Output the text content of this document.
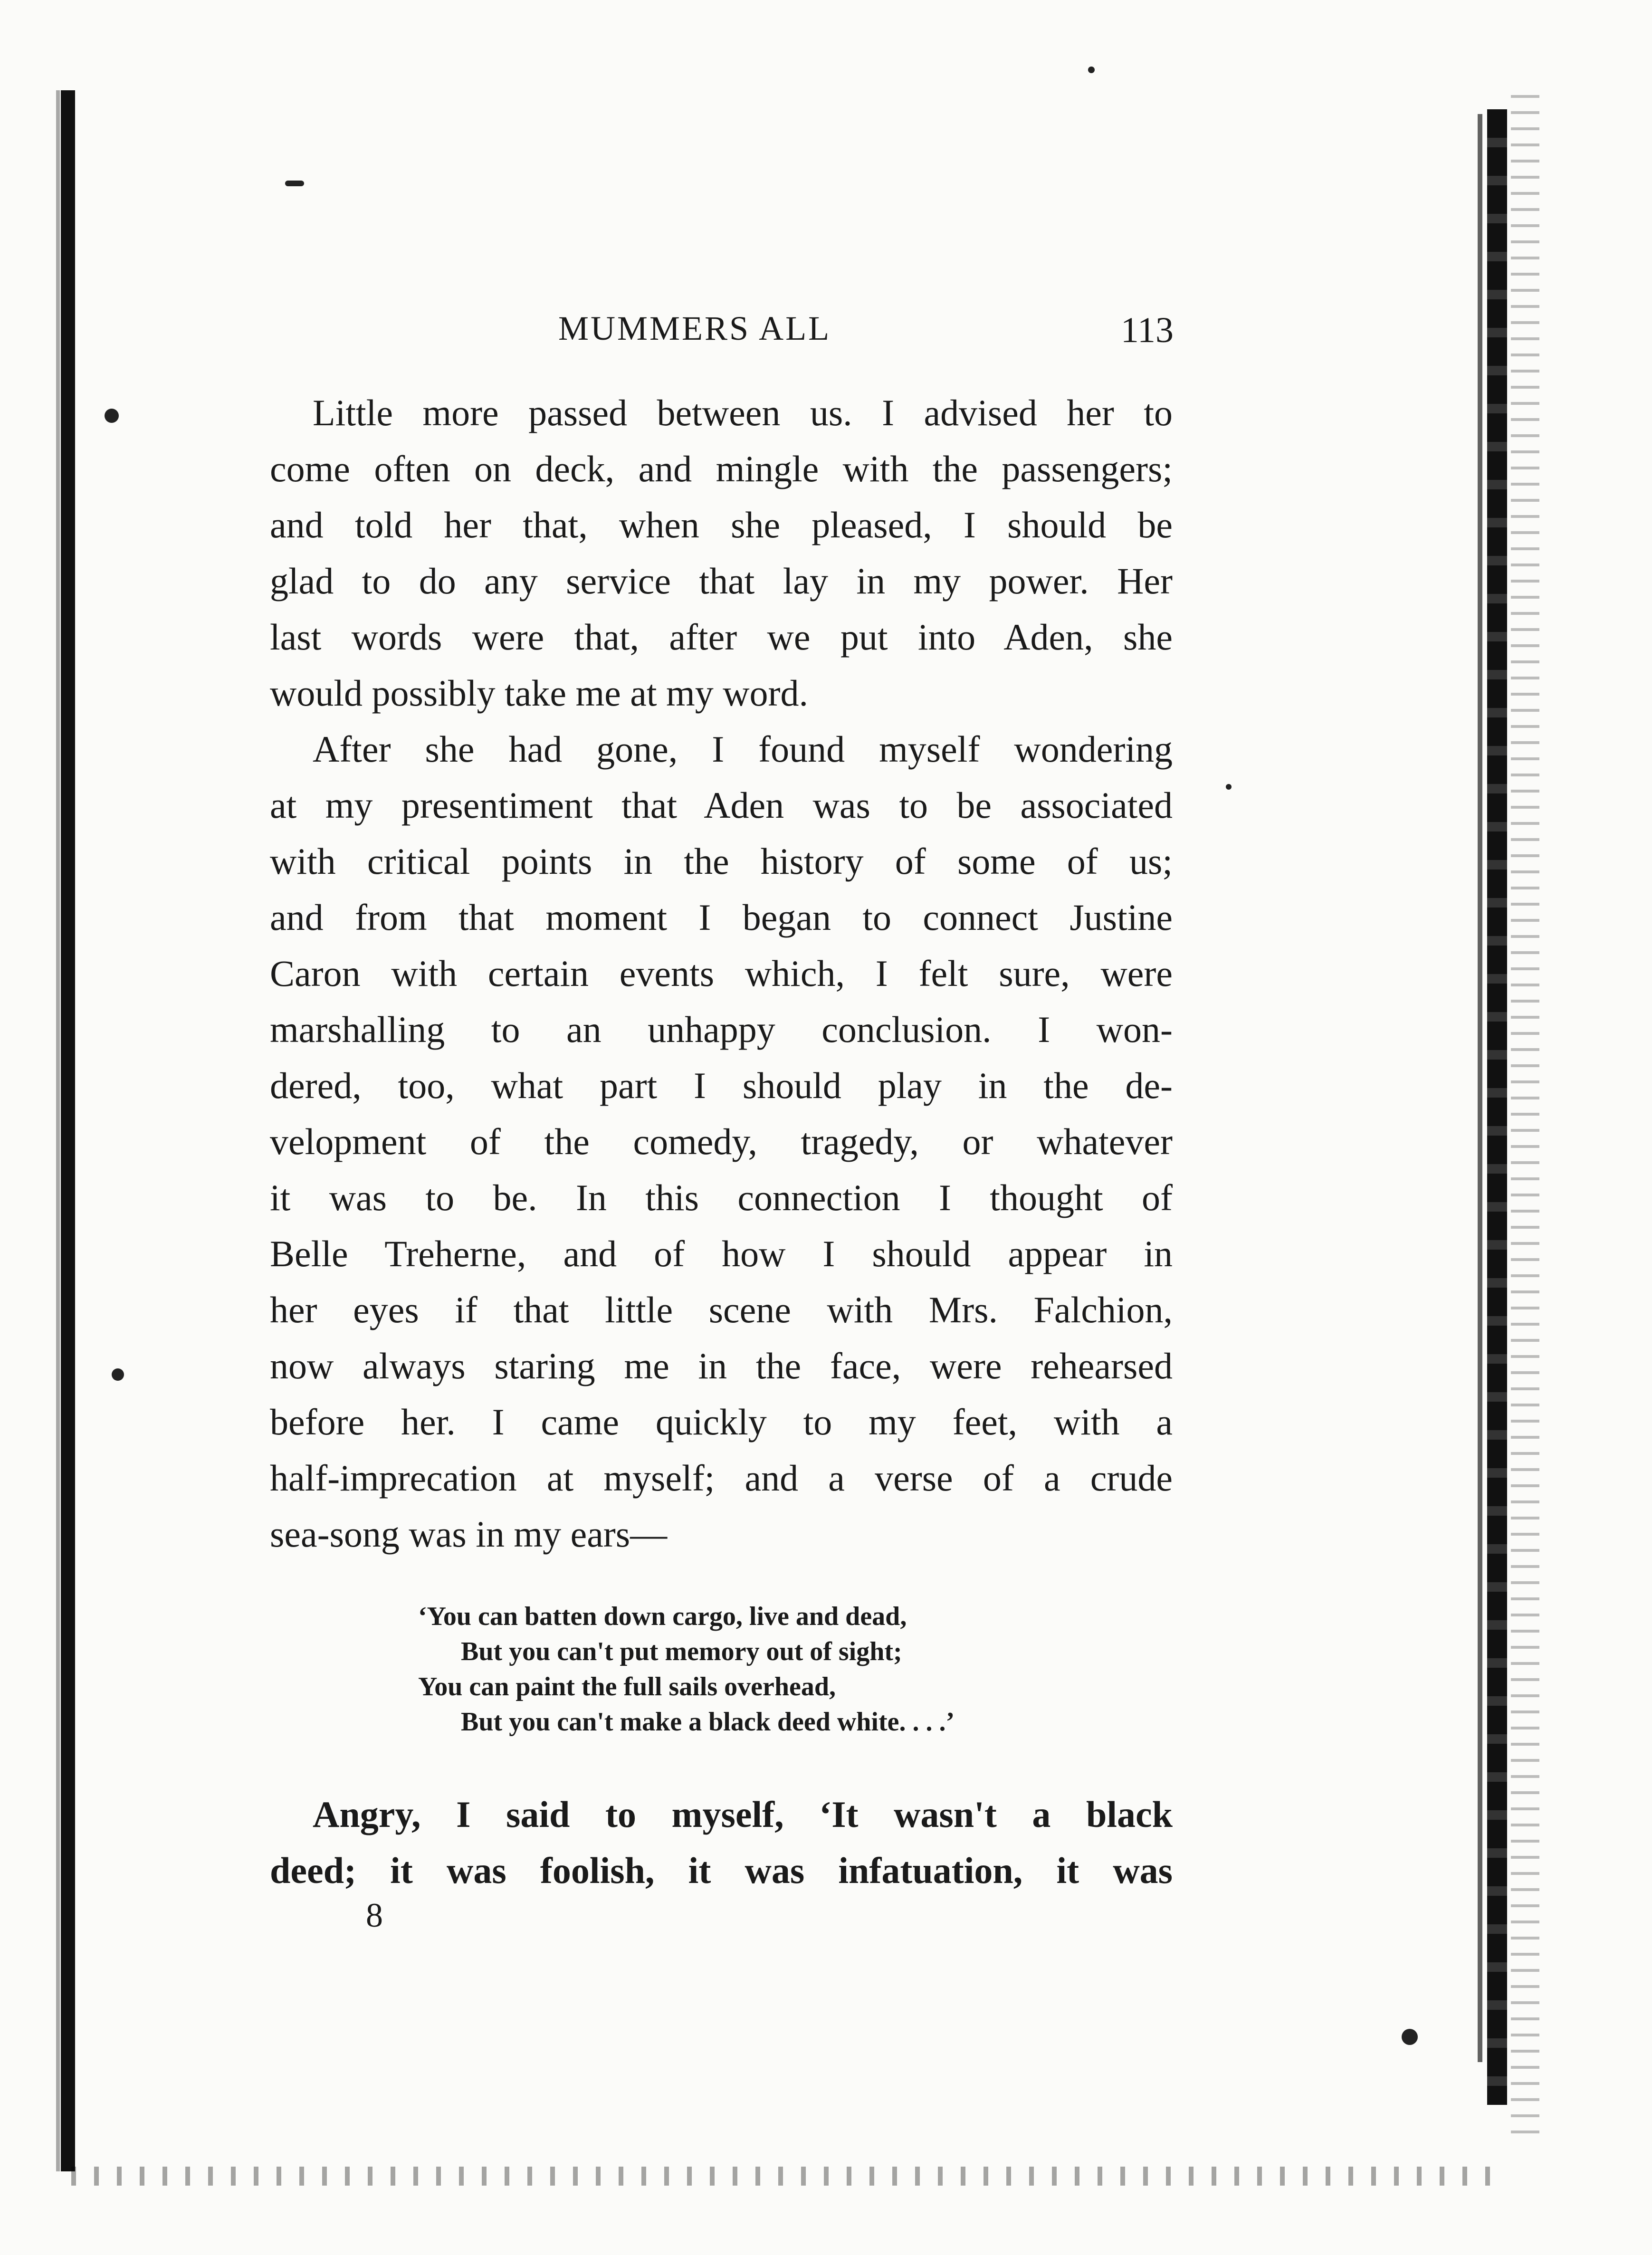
MUMMERS ALL	113
Little more passed between us. I advised her to
come often on deck, and mingle with the passengers;
and told her that, when she pleased, I should be
glad to do any service that lay in my power. Her
last words were that, after we put into Aden, she
would possibly take me at my word.
After she had gone, I found myself wondering
at my presentiment that Aden was to be associated
with critical points in the history of some of us;
and from that moment I began to connect Justine
Caron with certain events which, I felt sure, were
marshalling to an unhappy conclusion. I won-
dered, too, what part I should play in the de-
velopment of the comedy, tragedy, or whatever
it was to be. In this connection I thought of
Belle Treherne, and of how I should appear in
her eyes if that little scene with Mrs. Falchion,
now always staring me in the face, were rehearsed
before her. I came quickly to my feet, with a
half-imprecation at myself; and a verse of a crude
sea-song was in my ears—
‘You can batten down cargo, live and dead,
But you can't put memory out of sight;
You can paint the full sails overhead,
But you can't make a black deed white. . . .’
Angry, I said to myself, ‘It wasn't a black
deed; it was foolish, it was infatuation, it was
8
